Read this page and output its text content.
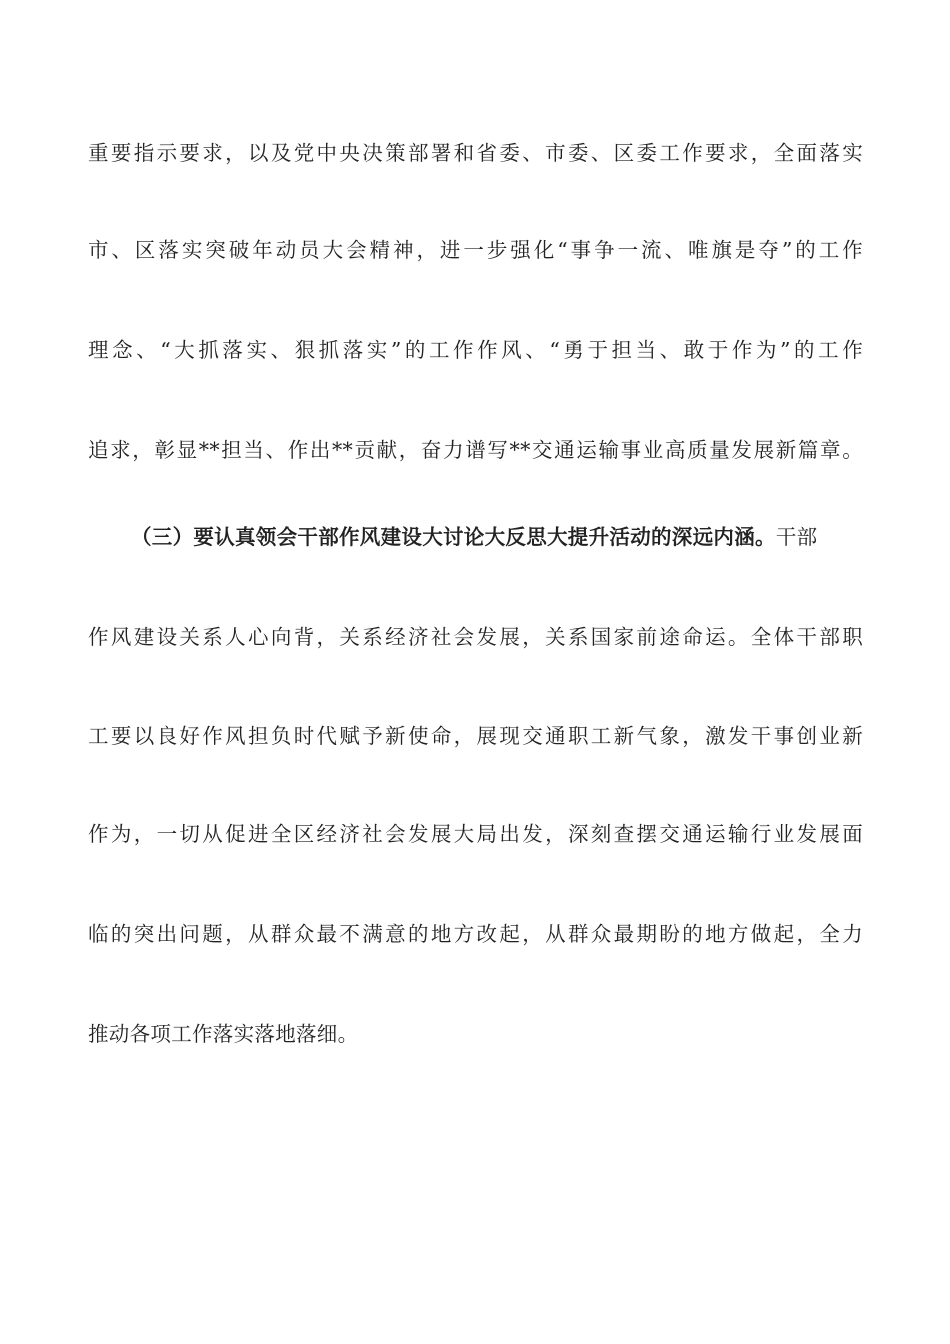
重要指示要求，以及党中央决策部署和省委、市委、区委工作要求，全面落实
市、区落实突破年动员大会精神，进一步强化“事争一流、唯旗是夺”的工作
理念、“大抓落实、狠抓落实”的工作作风、“勇于担当、敢于作为”的工作
追求，彰显**担当、作出**贡献，奋力谱写**交通运输事业高质量发展新篇章。
（三）要认真领会干部作风建设大讨论大反思大提升活动的深远内涵。干部
作风建设关系人心向背，关系经济社会发展，关系国家前途命运。全体干部职
工要以良好作风担负时代赋予新使命，展现交通职工新气象，激发干事创业新
作为，一切从促进全区经济社会发展大局出发，深刻查摆交通运输行业发展面
临的突出问题，从群众最不满意的地方改起，从群众最期盼的地方做起，全力
推动各项工作落实落地落细。
